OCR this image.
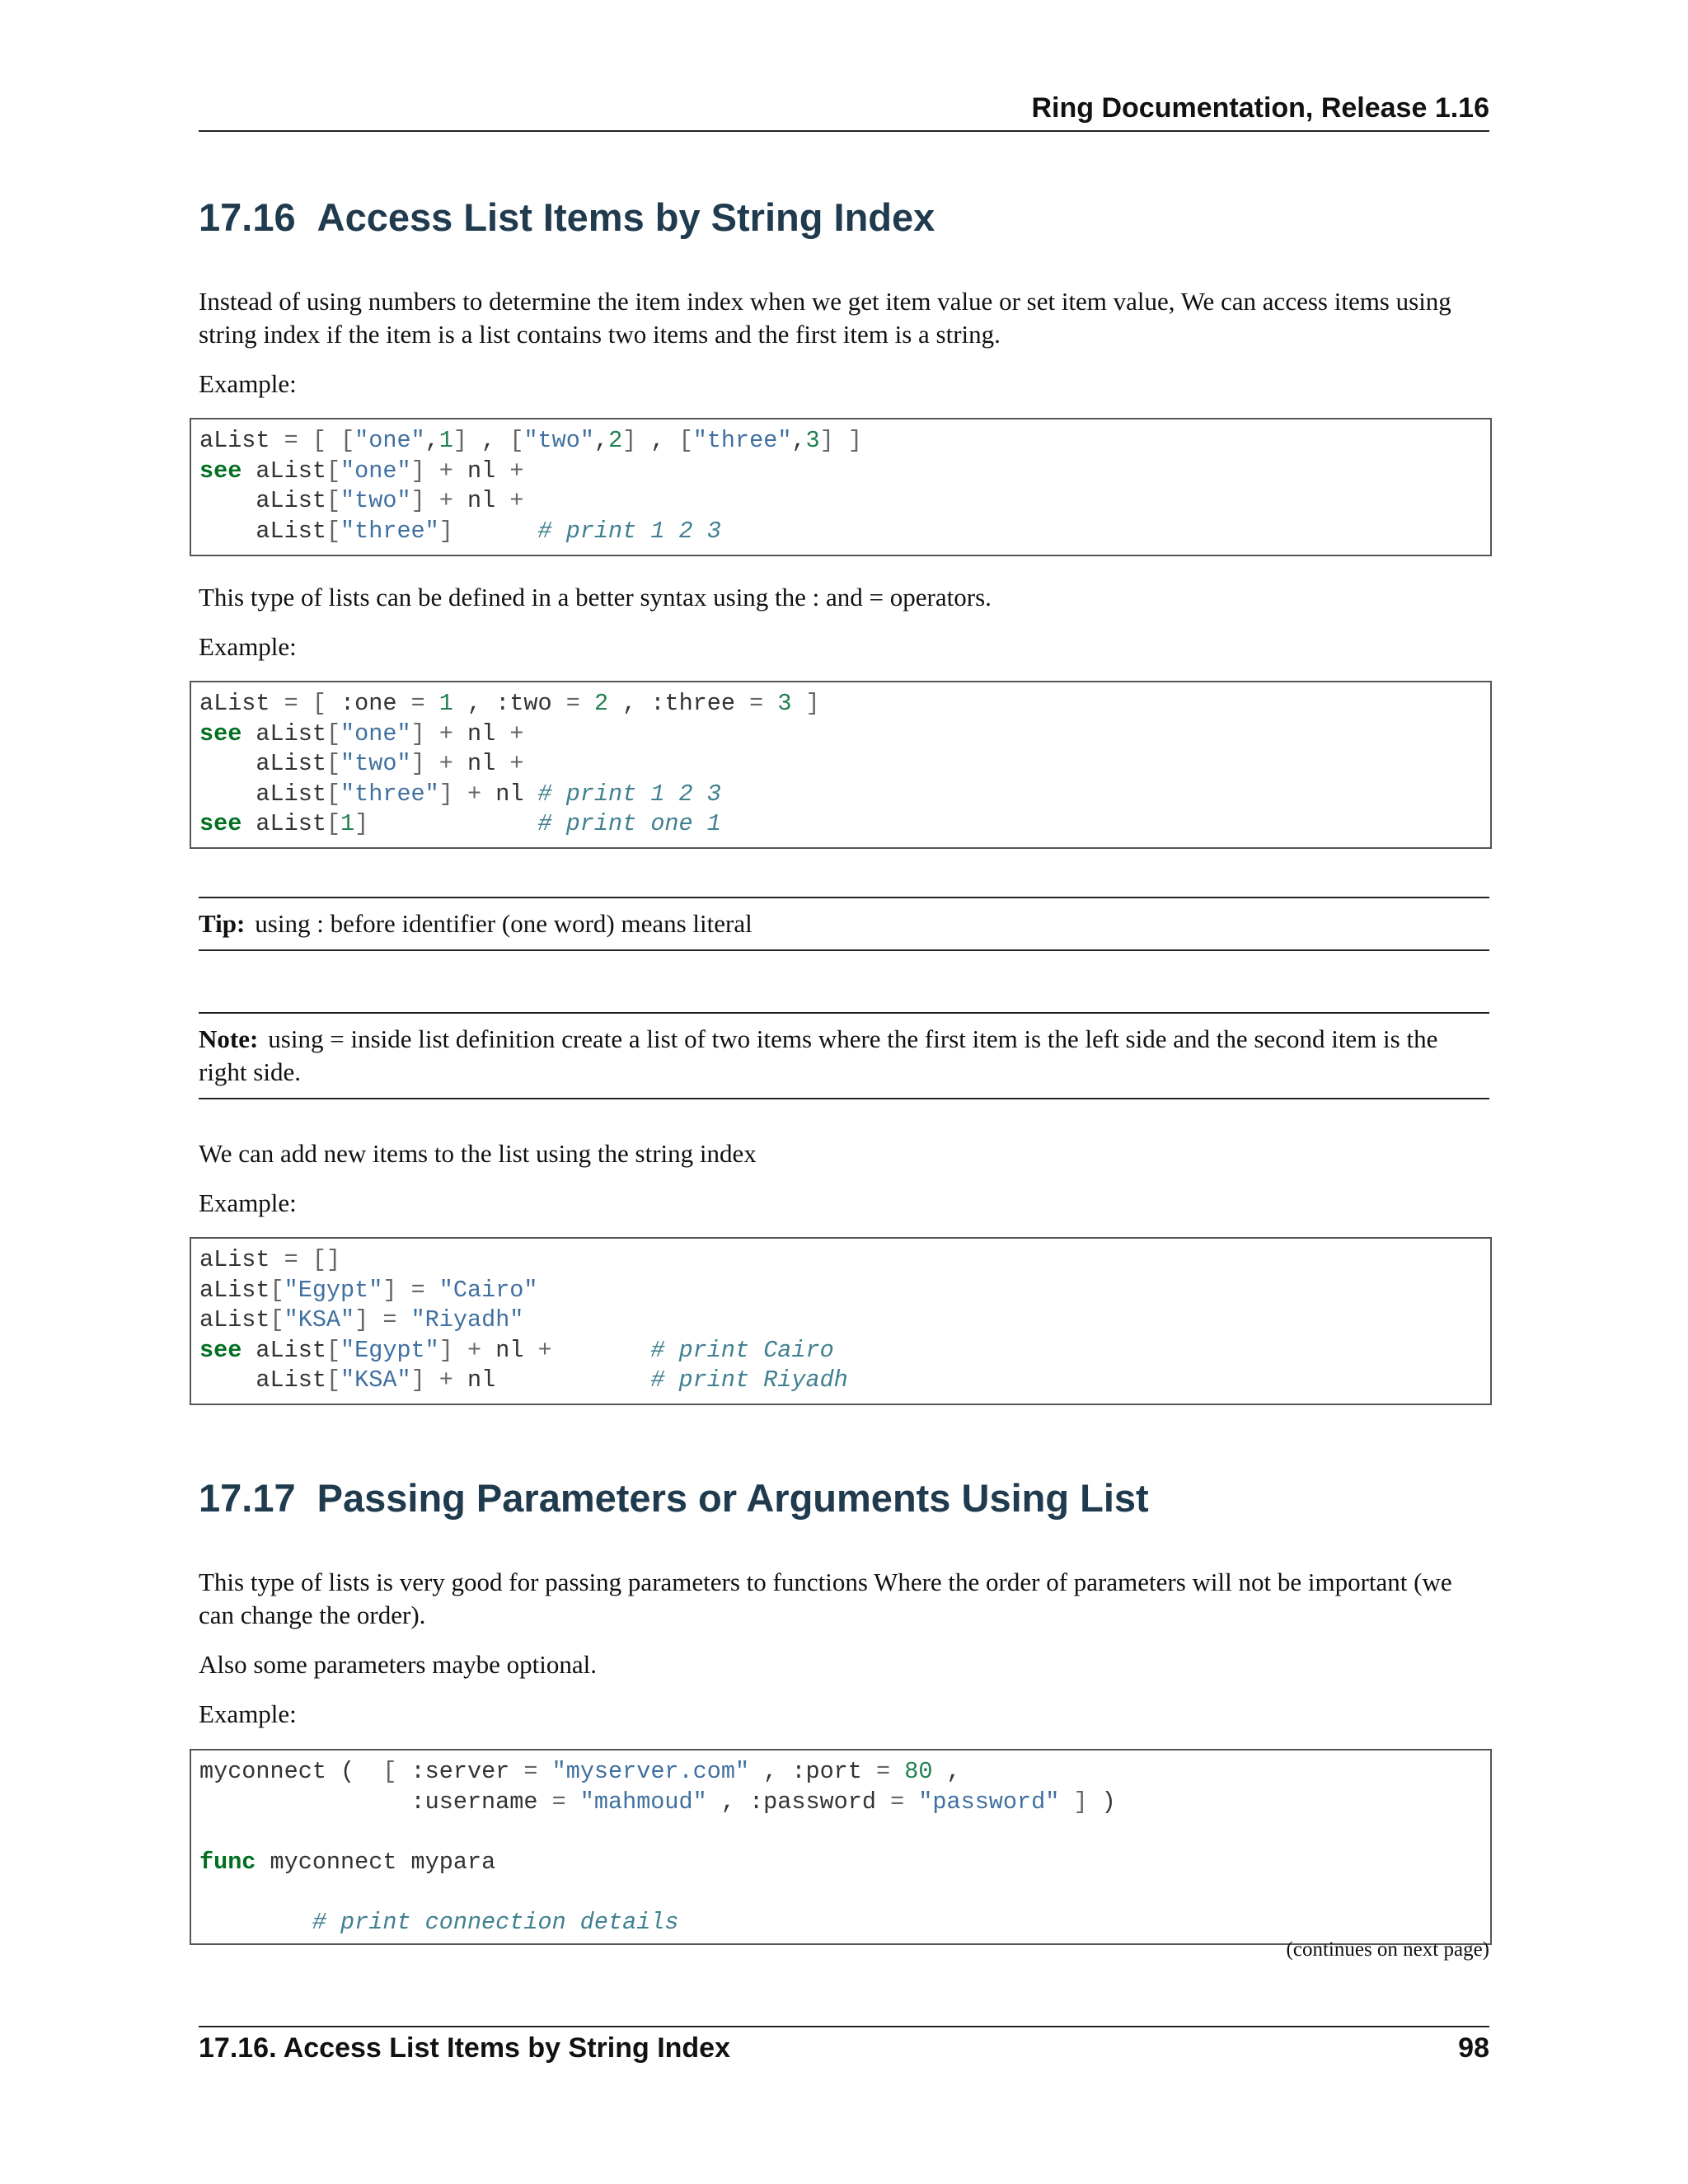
Ring Documentation, Release 1.16
17.16 Access List Items by String Index

Instead of using numbers to determine the item index when we get item value or set item value, We can access items using string index if the item is a list contains two items and the first item is a string.

Example:

aList = [ ["one",1] , ["two",2] , ["three",3] ]
see aList["one"] + nl +
aList["two"] + nl +
aList["three"]	# print 1 2 3

This type of lists can be defined in a better syntax using the : and = operators.

Example:

aList = [ :one = 1 , :two = 2 , :three = 3 ]
see aList["one"] + nl +
aList["two"] + nl +
aList["three"] + nl # print 1 2 3
see aList[1]	# print one 1
Tip: using : before identifier (one word) means literal
Note: using = inside list definition create a list of two items where the first item is the left side and the second item is the right side.

We can add new items to the list using the string index

Example:

aList = []
aList["Egypt"] = "Cairo"
aList["KSA"] = "Riyadh"
see aList["Egypt"] + nl +	# print Cairo
aList["KSA"] + nl           # print Riyadh
17.17 Passing Parameters or Arguments Using List

This type of lists is very good for passing parameters to functions Where the order of parameters will not be important (we can change the order).

Also some parameters maybe optional.

Example:

myconnect (  [ :server = "myserver.com" , :port = 80 ,
:username = "mahmoud" , :password = "password" ] )

func myconnect mypara

# print connection details
(continues on next page)
17.16. Access List Items by String Index	98
